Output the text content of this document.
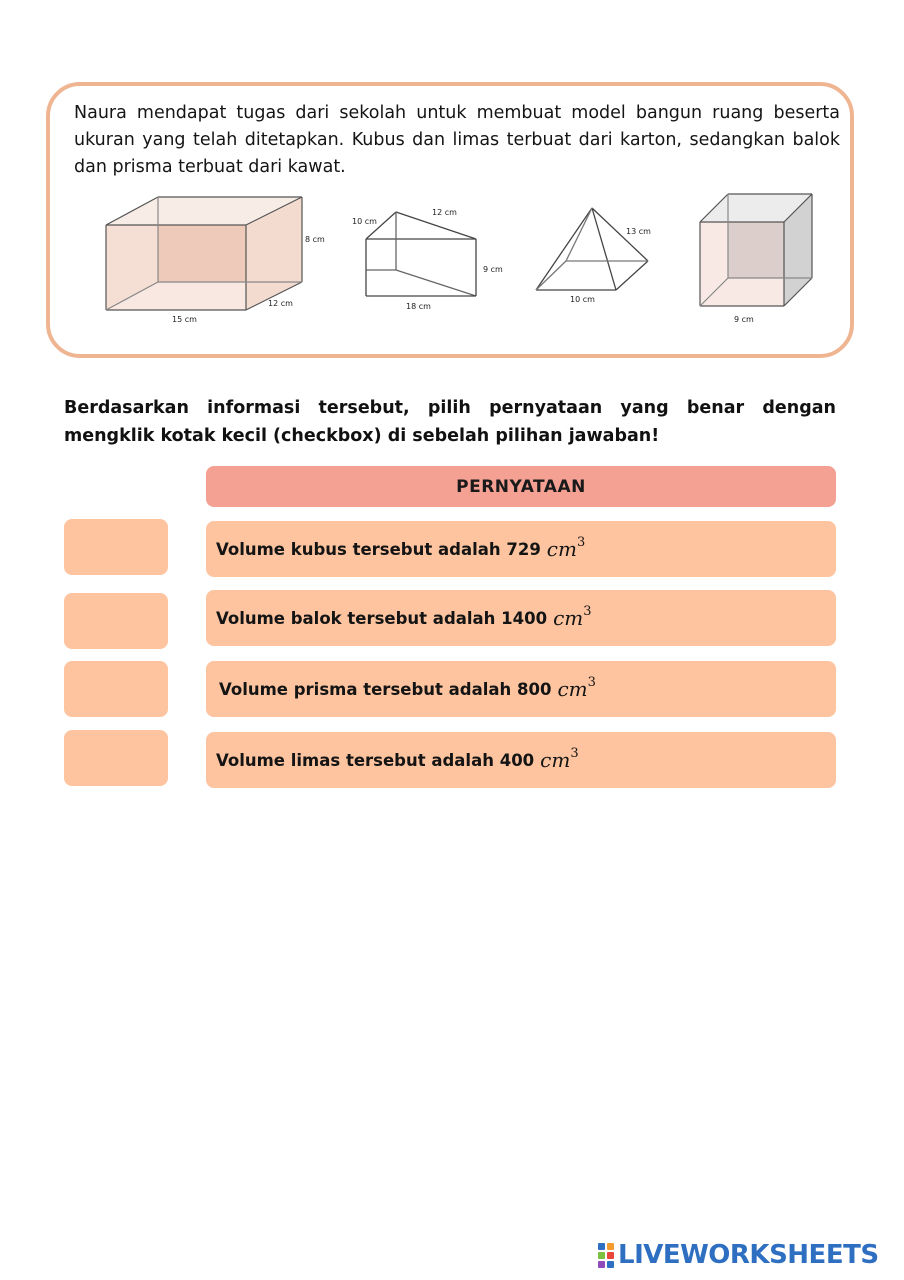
Naura mendapat tugas dari sekolah untuk membuat model bangun ruang beserta ukuran yang telah ditetapkan. Kubus dan limas terbuat dari karton, sedangkan balok dan prisma terbuat dari kawat.
8 cm
15 cm
12 cm
10 cm
12 cm
9 cm
18 cm
13 cm
10 cm
9 cm
Berdasarkan informasi tersebut, pilih pernyataan yang benar dengan mengklik kotak kecil (checkbox) di sebelah pilihan jawaban!
PERNYATAAN
Volume kubus tersebut adalah 729 $cm^3$
Volume balok tersebut adalah 1400 $cm^3$
Volume prisma tersebut adalah 800 $cm^3$
Volume limas tersebut adalah 400 $cm^3$
LIVEWORKSHEETS
